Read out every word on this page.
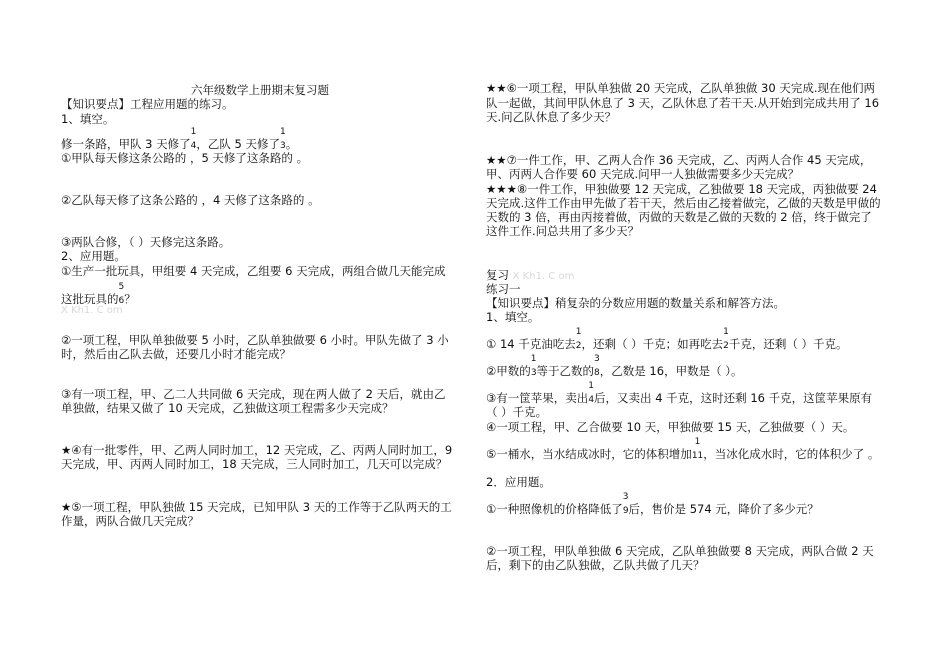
六年级数学上册期末复习题
【知识要点】工程应用题的练习。
1、填空。
修一条路，甲队 3 天修了
1
4，乙队 5 天修了
1
3。
①甲队每天修这条公路的 ，5 天修了这条路的 。
②乙队每天修了这条公路的 ，4 天修了这条路的 。
③两队合修，（ ）天修完这条路。
2、应用题。
①生产一批玩具，甲组要 4 天完成，乙组要 6 天完成，两组合做几天能完成
这批玩具的
5
6？
X Kh1. C om
②一项工程，甲队单独做要 5 小时，乙队单独做要 6 小时。甲队先做了 3 小
时，然后由乙队去做，还要几小时才能完成？
③有一项工程，甲、乙二人共同做 6 天完成，现在两人做了 2 天后，就由乙
单独做，结果又做了 10 天完成，乙独做这项工程需多少天完成？
★④有一批零件，甲、乙两人同时加工，12 天完成，乙、丙两人同时加工，9
天完成，甲、丙两人同时加工，18 天完成，三人同时加工，几天可以完成？
★⑤一项工程，甲队独做 15 天完成，已知甲队 3 天的工作等于乙队两天的工
作量，两队合做几天完成？
★★⑥一项工程，甲队单独做 20 天完成，乙队单独做 30 天完成.现在他们两
队一起做，其间甲队休息了 3 天，乙队休息了若干天.从开始到完成共用了 16
天.问乙队休息了多少天？
★★⑦一件工作，甲、乙两人合作 36 天完成，乙、丙两人合作 45 天完成，
甲、丙两人合作要 60 天完成.问甲一人独做需要多少天完成？
★★★⑧一件工作，甲独做要 12 天完成，乙独做要 18 天完成，丙独做要 24
天完成.这件工作由甲先做了若干天，然后由乙接着做完，乙做的天数是甲做的
天数的 3 倍，再由丙接着做，丙做的天数是乙做的天数的 2 倍，终于做完了
这件工作.问总共用了多少天？
复习 X Kh1. C om
练习一
【知识要点】稍复杂的分数应用题的数量关系和解答方法。
1、填空。
① 14 千克油吃去
1
2，还剩（ ）千克；如再吃去
1
2千克，还剩（ ）千克。
②甲数的
1
3等于乙数的
3
8，乙数是 16，甲数是（ ）。
③有一筐苹果，卖出
1
4后，又卖出 4 千克，这时还剩 16 千克，这筐苹果原有
（ ）千克。
④一项工程，甲、乙合做要 10 天，甲独做要 15 天，乙独做要（ ）天。
⑤一桶水，当水结成冰时，它的体积增加
1
11，当冰化成水时，它的体积少了 。
2．应用题。
①一种照像机的价格降低了
3
9后，售价是 574 元，降价了多少元？
②一项工程，甲队单独做 6 天完成，乙队单独做要 8 天完成，两队合做 2 天
后，剩下的由乙队独做，乙队共做了几天？
